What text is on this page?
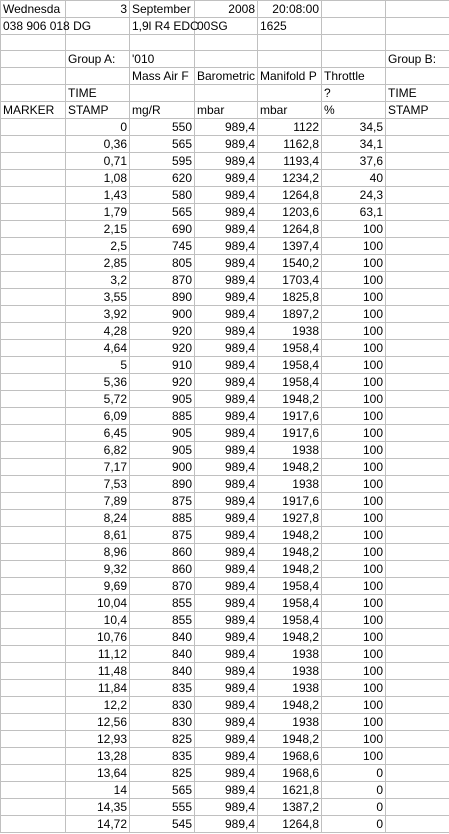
Wednesda	3	September	2008	20:08:00		
038 906 018 DG		1,9l R4 EDC	00SG	1625		

	Group A:	'010				Group B:
		Mass Air F	Barometric	Manifold P	Throttle	
	TIME				?	TIME
MARKER	STAMP	mg/R	mbar	mbar	%	STAMP
	0	550	989,4	1122	34,5	
	0,36	565	989,4	1162,8	34,1	
	0,71	595	989,4	1193,4	37,6	
	1,08	620	989,4	1234,2	40	
	1,43	580	989,4	1264,8	24,3	
	1,79	565	989,4	1203,6	63,1	
	2,15	690	989,4	1264,8	100	
	2,5	745	989,4	1397,4	100	
	2,85	805	989,4	1540,2	100	
	3,2	870	989,4	1703,4	100	
	3,55	890	989,4	1825,8	100	
	3,92	900	989,4	1897,2	100	
	4,28	920	989,4	1938	100	
	4,64	920	989,4	1958,4	100	
	5	910	989,4	1958,4	100	
	5,36	920	989,4	1958,4	100	
	5,72	905	989,4	1948,2	100	
	6,09	885	989,4	1917,6	100	
	6,45	905	989,4	1917,6	100	
	6,82	905	989,4	1938	100	
	7,17	900	989,4	1948,2	100	
	7,53	890	989,4	1938	100	
	7,89	875	989,4	1917,6	100	
	8,24	885	989,4	1927,8	100	
	8,61	875	989,4	1948,2	100	
	8,96	860	989,4	1948,2	100	
	9,32	860	989,4	1948,2	100	
	9,69	870	989,4	1958,4	100	
	10,04	855	989,4	1958,4	100	
	10,4	855	989,4	1958,4	100	
	10,76	840	989,4	1948,2	100	
	11,12	840	989,4	1938	100	
	11,48	840	989,4	1938	100	
	11,84	835	989,4	1938	100	
	12,2	830	989,4	1948,2	100	
	12,56	830	989,4	1938	100	
	12,93	825	989,4	1948,2	100	
	13,28	835	989,4	1968,6	100	
	13,64	825	989,4	1968,6	0	
	14	565	989,4	1621,8	0	
	14,35	555	989,4	1387,2	0	
	14,72	545	989,4	1264,8	0	
